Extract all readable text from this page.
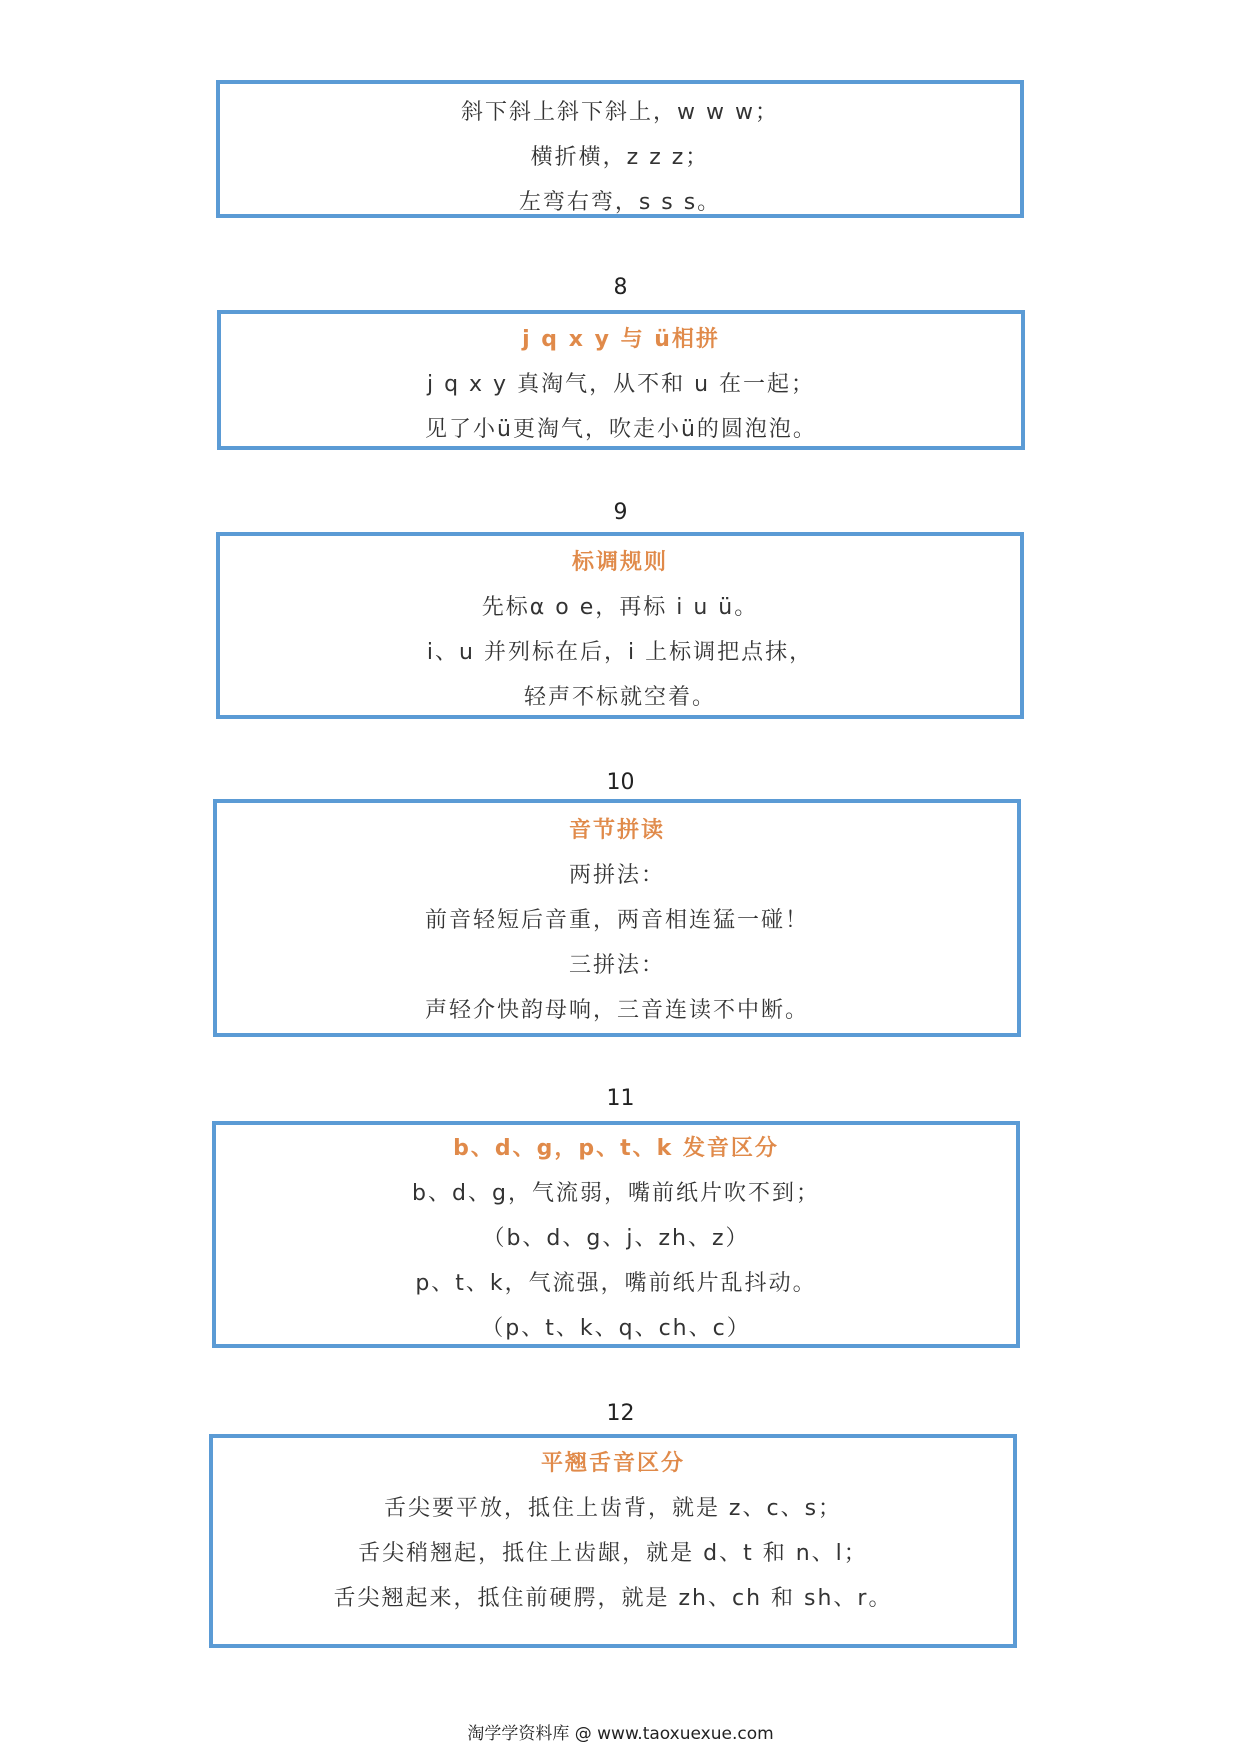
斜下斜上斜下斜上，w w w；
横折横，z z z；
左弯右弯，s s s。
8
j q x y 与 ü相拼
j q x y 真淘气，从不和 u 在一起；
见了小ü更淘气，吹走小ü的圆泡泡。
9
标调规则
先标α o e，再标 i u ü。
i、u 并列标在后，i 上标调把点抹，
轻声不标就空着。
10
音节拼读
两拼法：
前音轻短后音重，两音相连猛一碰！
三拼法：
声轻介快韵母响，三音连读不中断。
11
b、d、g，p、t、k 发音区分
b、d、g，气流弱，嘴前纸片吹不到；
（b、d、g、j、zh、z）
p、t、k，气流强，嘴前纸片乱抖动。
（p、t、k、q、ch、c）
12
平翘舌音区分
舌尖要平放，抵住上齿背，就是 z、c、s；
舌尖稍翘起，抵住上齿龈，就是 d、t 和 n、l；
舌尖翘起来，抵住前硬腭，就是 zh、ch 和 sh、r。
淘学学资料库 @ www.taoxuexue.com
